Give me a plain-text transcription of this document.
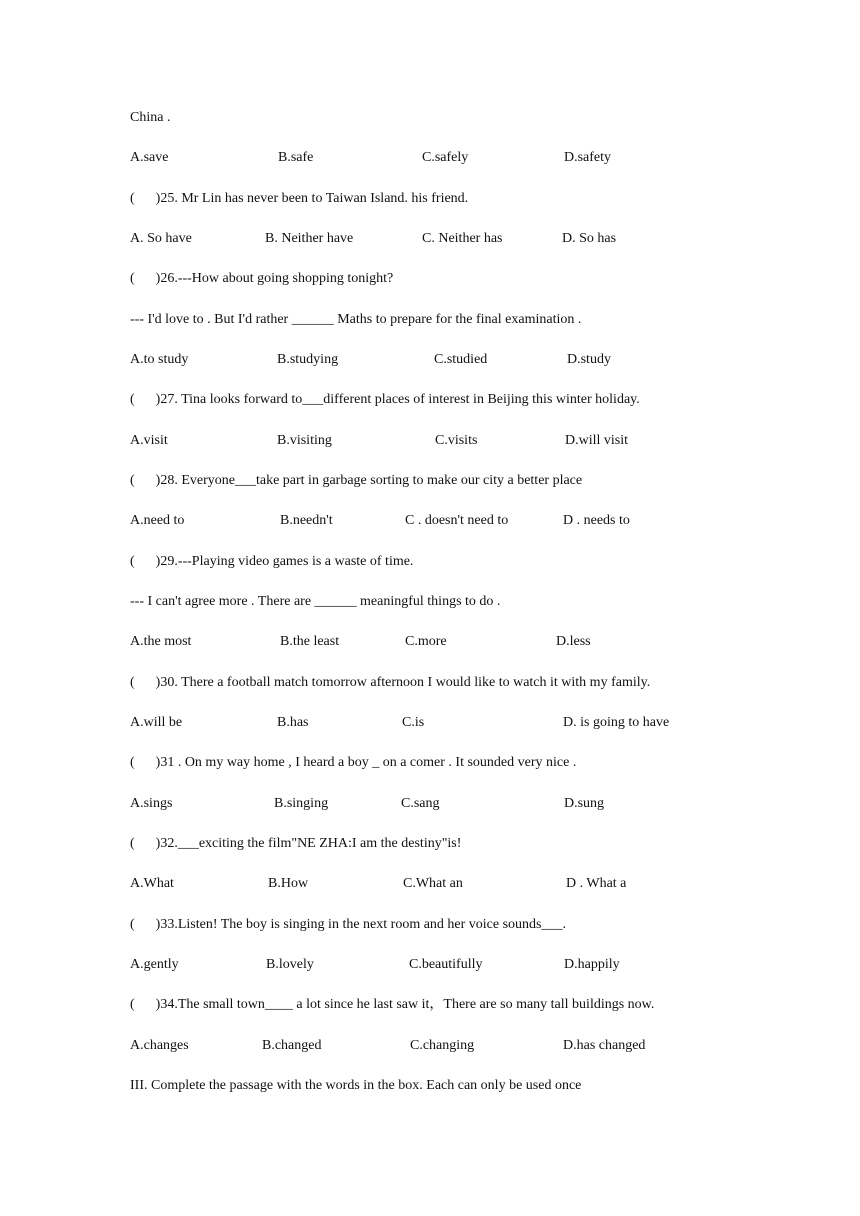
China .
A.save	B.safe	C.safely	D.safety
(      )25. Mr Lin has never been to Taiwan Island. his friend.
A. So have	B. Neither have	C. Neither has	D. So has
(      )26.---How about going shopping tonight?
--- I'd love to . But I'd rather ______ Maths to prepare for the final examination .
A.to study	B.studying	C.studied	D.study
(      )27. Tina looks forward to___different places of interest in Beijing this winter holiday.
A.visit	B.visiting	C.visits	D.will visit
(      )28. Everyone___take part in garbage sorting to make our city a better place
A.need to	B.needn't	C . doesn't need to	D . needs to
(      )29.---Playing video games is a waste of time.
--- I can't agree more . There are ______ meaningful things to do .
A.the most	B.the least	C.more	D.less
(      )30. There a football match tomorrow afternoon I would like to watch it with my family.
A.will be	B.has	C.is	D. is going to have
(      )31 . On my way home , I heard a boy _ on a comer . It sounded very nice .
A.sings	B.singing	C.sang	D.sung
(      )32.___exciting the film"NE ZHA:I am the destiny"is!
A.What	B.How	C.What an	D . What a
(      )33.Listen! The boy is singing in the next room and her voice sounds___.
A.gently	B.lovely	C.beautifully	D.happily
(      )34.The small town____ a lot since he last saw it，There are so many tall buildings now.
A.changes	B.changed	C.changing	D.has changed
III. Complete the passage with the words in the box. Each can only be used once
